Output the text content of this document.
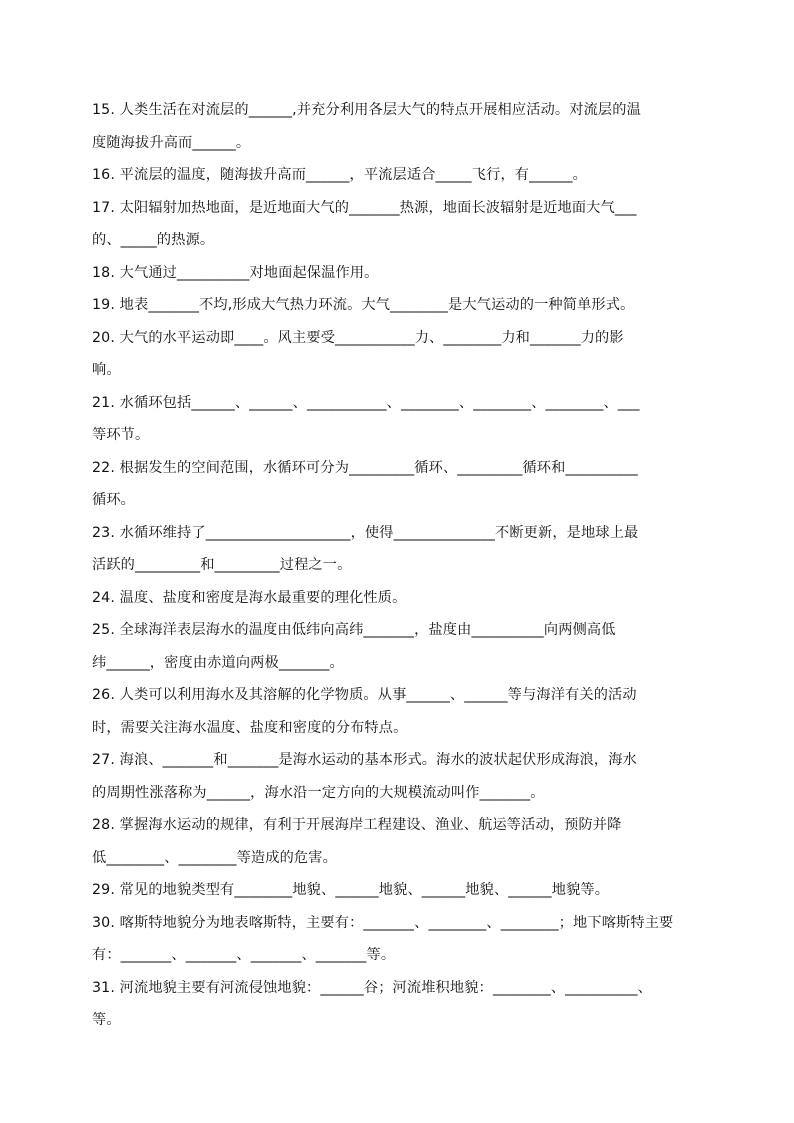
15. 人类生活在对流层的______,并充分利用各层大气的特点开展相应活动。对流层的温
度随海拔升高而______。
16. 平流层的温度，随海拔升高而______，平流层适合_____飞行，有______。
17. 太阳辐射加热地面，是近地面大气的_______热源，地面长波辐射是近地面大气___
的、_____的热源。
18. 大气通过__________对地面起保温作用。
19. 地表_______不均,形成大气热力环流。大气________是大气运动的一种简单形式。
20. 大气的水平运动即____。风主要受___________力、________力和_______力的影
响。
21. 水循环包括______、______、___________、________、________、________、___
等环节。
22. 根据发生的空间范围，水循环可分为_________循环、_________循环和__________
循环。
23. 水循环维持了____________________，使得______________不断更新，是地球上最
活跃的_________和_________过程之一。
24. 温度、盐度和密度是海水最重要的理化性质。
25. 全球海洋表层海水的温度由低纬向高纬_______，盐度由__________向两侧高低
纬______，密度由赤道向两极_______。
26. 人类可以利用海水及其溶解的化学物质。从事______、______等与海洋有关的活动
时，需要关注海水温度、盐度和密度的分布特点。
27. 海浪、_______和_______是海水运动的基本形式。海水的波状起伏形成海浪，海水
的周期性涨落称为______，海水沿一定方向的大规模流动叫作_______。
28. 掌握海水运动的规律，有利于开展海岸工程建设、渔业、航运等活动，预防并降
低________、________等造成的危害。
29. 常见的地貌类型有________地貌、______地貌、______地貌、______地貌等。
30. 喀斯特地貌分为地表喀斯特，主要有：_______、________、________；地下喀斯特主要
有：_______、_______、_______、_______等。
31. 河流地貌主要有河流侵蚀地貌：______谷；河流堆积地貌：________、__________、
等。
